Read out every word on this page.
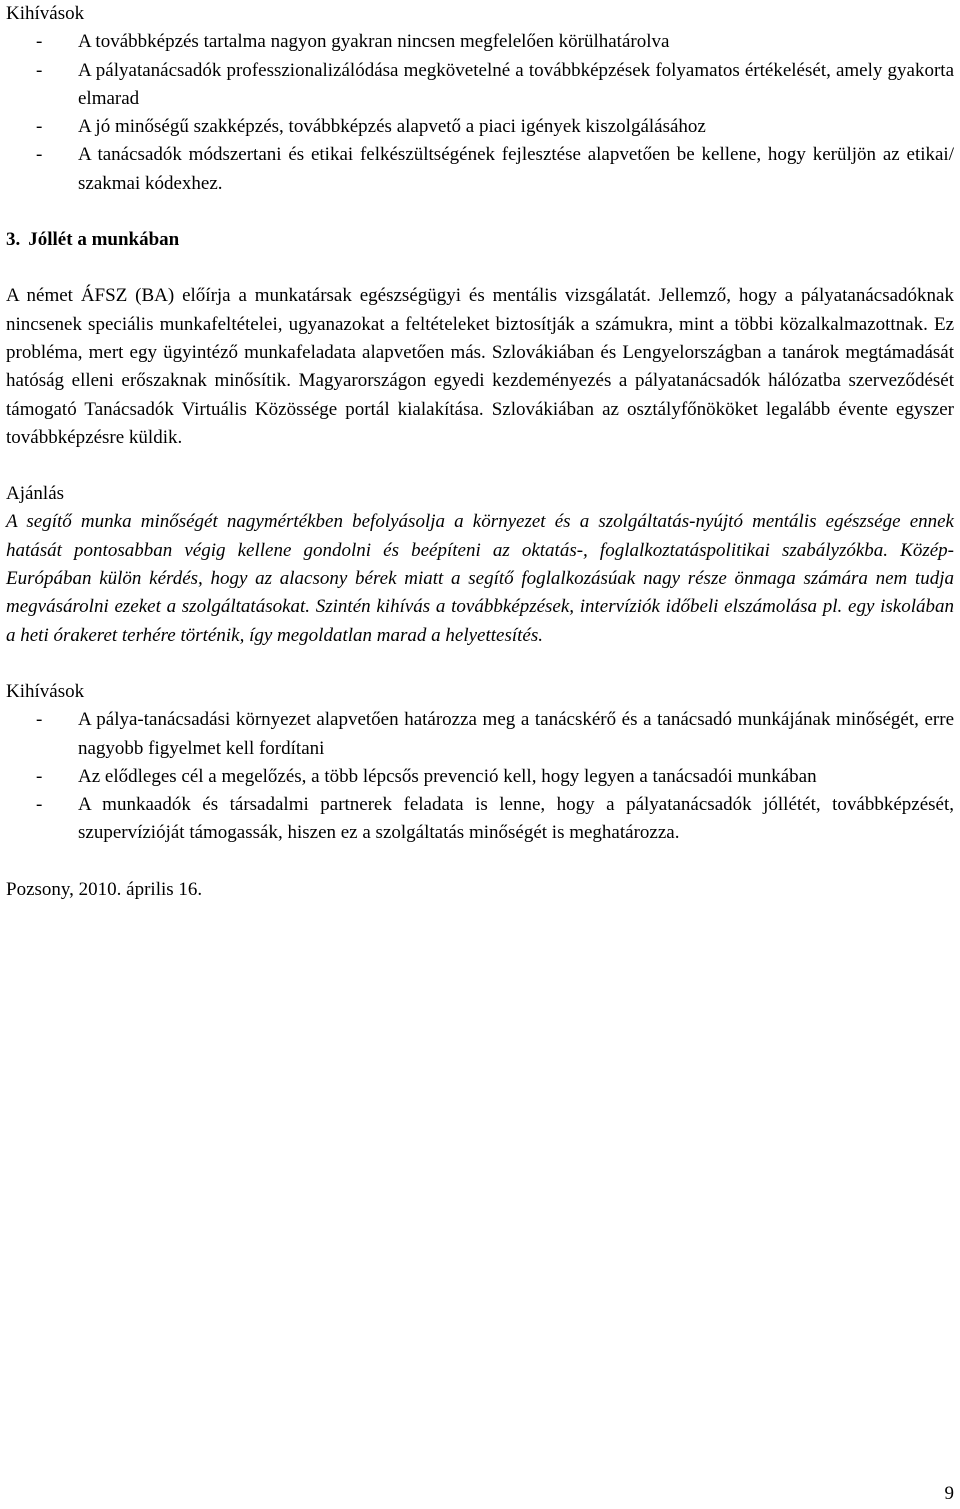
Kihívások

- A továbbképzés tartalma nagyon gyakran nincsen megfelelően körülhatárolva
- A pályatanácsadók professzionalizálódása megkövetelné a továbbképzések folyamatos értékelését, amely gyakorta elmarad
- A jó minőségű szakképzés, továbbképzés alapvető a piaci igények kiszolgálásához
- A tanácsadók módszertani és etikai felkészültségének fejlesztése alapvetően be kellene, hogy kerüljön az etikai/ szakmai kódexhez.

3. Jóllét a munkában

A német ÁFSZ (BA) előírja a munkatársak egészségügyi és mentális vizsgálatát. Jellemző, hogy a pályatanácsadóknak nincsenek speciális munkafeltételei, ugyanazokat a feltételeket biztosítják a számukra, mint a többi közalkalmazottnak. Ez probléma, mert egy ügyintéző munkafeladata alapvetően más. Szlovákiában és Lengyelországban a tanárok megtámadását hatóság elleni erőszaknak minősítik. Magyarországon egyedi kezdeményezés a pályatanácsadók hálózatba szerveződését támogató Tanácsadók Virtuális Közössége portál kialakítása. Szlovákiában az osztályfőnököket legalább évente egyszer továbbképzésre küldik.

Ajánlás

A segítő munka minőségét nagymértékben befolyásolja a környezet és a szolgáltatás-nyújtó mentális egészsége ennek hatását pontosabban végig kellene gondolni és beépíteni az oktatás-, foglalkoztatáspolitikai szabályzókba. Közép-Európában külön kérdés, hogy az alacsony bérek miatt a segítő foglalkozásúak nagy része önmaga számára nem tudja megvásárolni ezeket a szolgáltatásokat. Szintén kihívás a továbbképzések, intervíziók időbeli elszámolása pl. egy iskolában a heti órakeret terhére történik, így megoldatlan marad a helyettesítés.

Kihívások

- A pálya-tanácsadási környezet alapvetően határozza meg a tanácskérő és a tanácsadó munkájának minőségét, erre nagyobb figyelmet kell fordítani
- Az elődleges cél a megelőzés, a több lépcsős prevenció kell, hogy legyen a tanácsadói munkában
- A munkaadók és társadalmi partnerek feladata is lenne, hogy a pályatanácsadók jóllétét, továbbképzését, szupervízióját támogassák, hiszen ez a szolgáltatás minőségét is meghatározza.

Pozsony, 2010. április 16.

9
